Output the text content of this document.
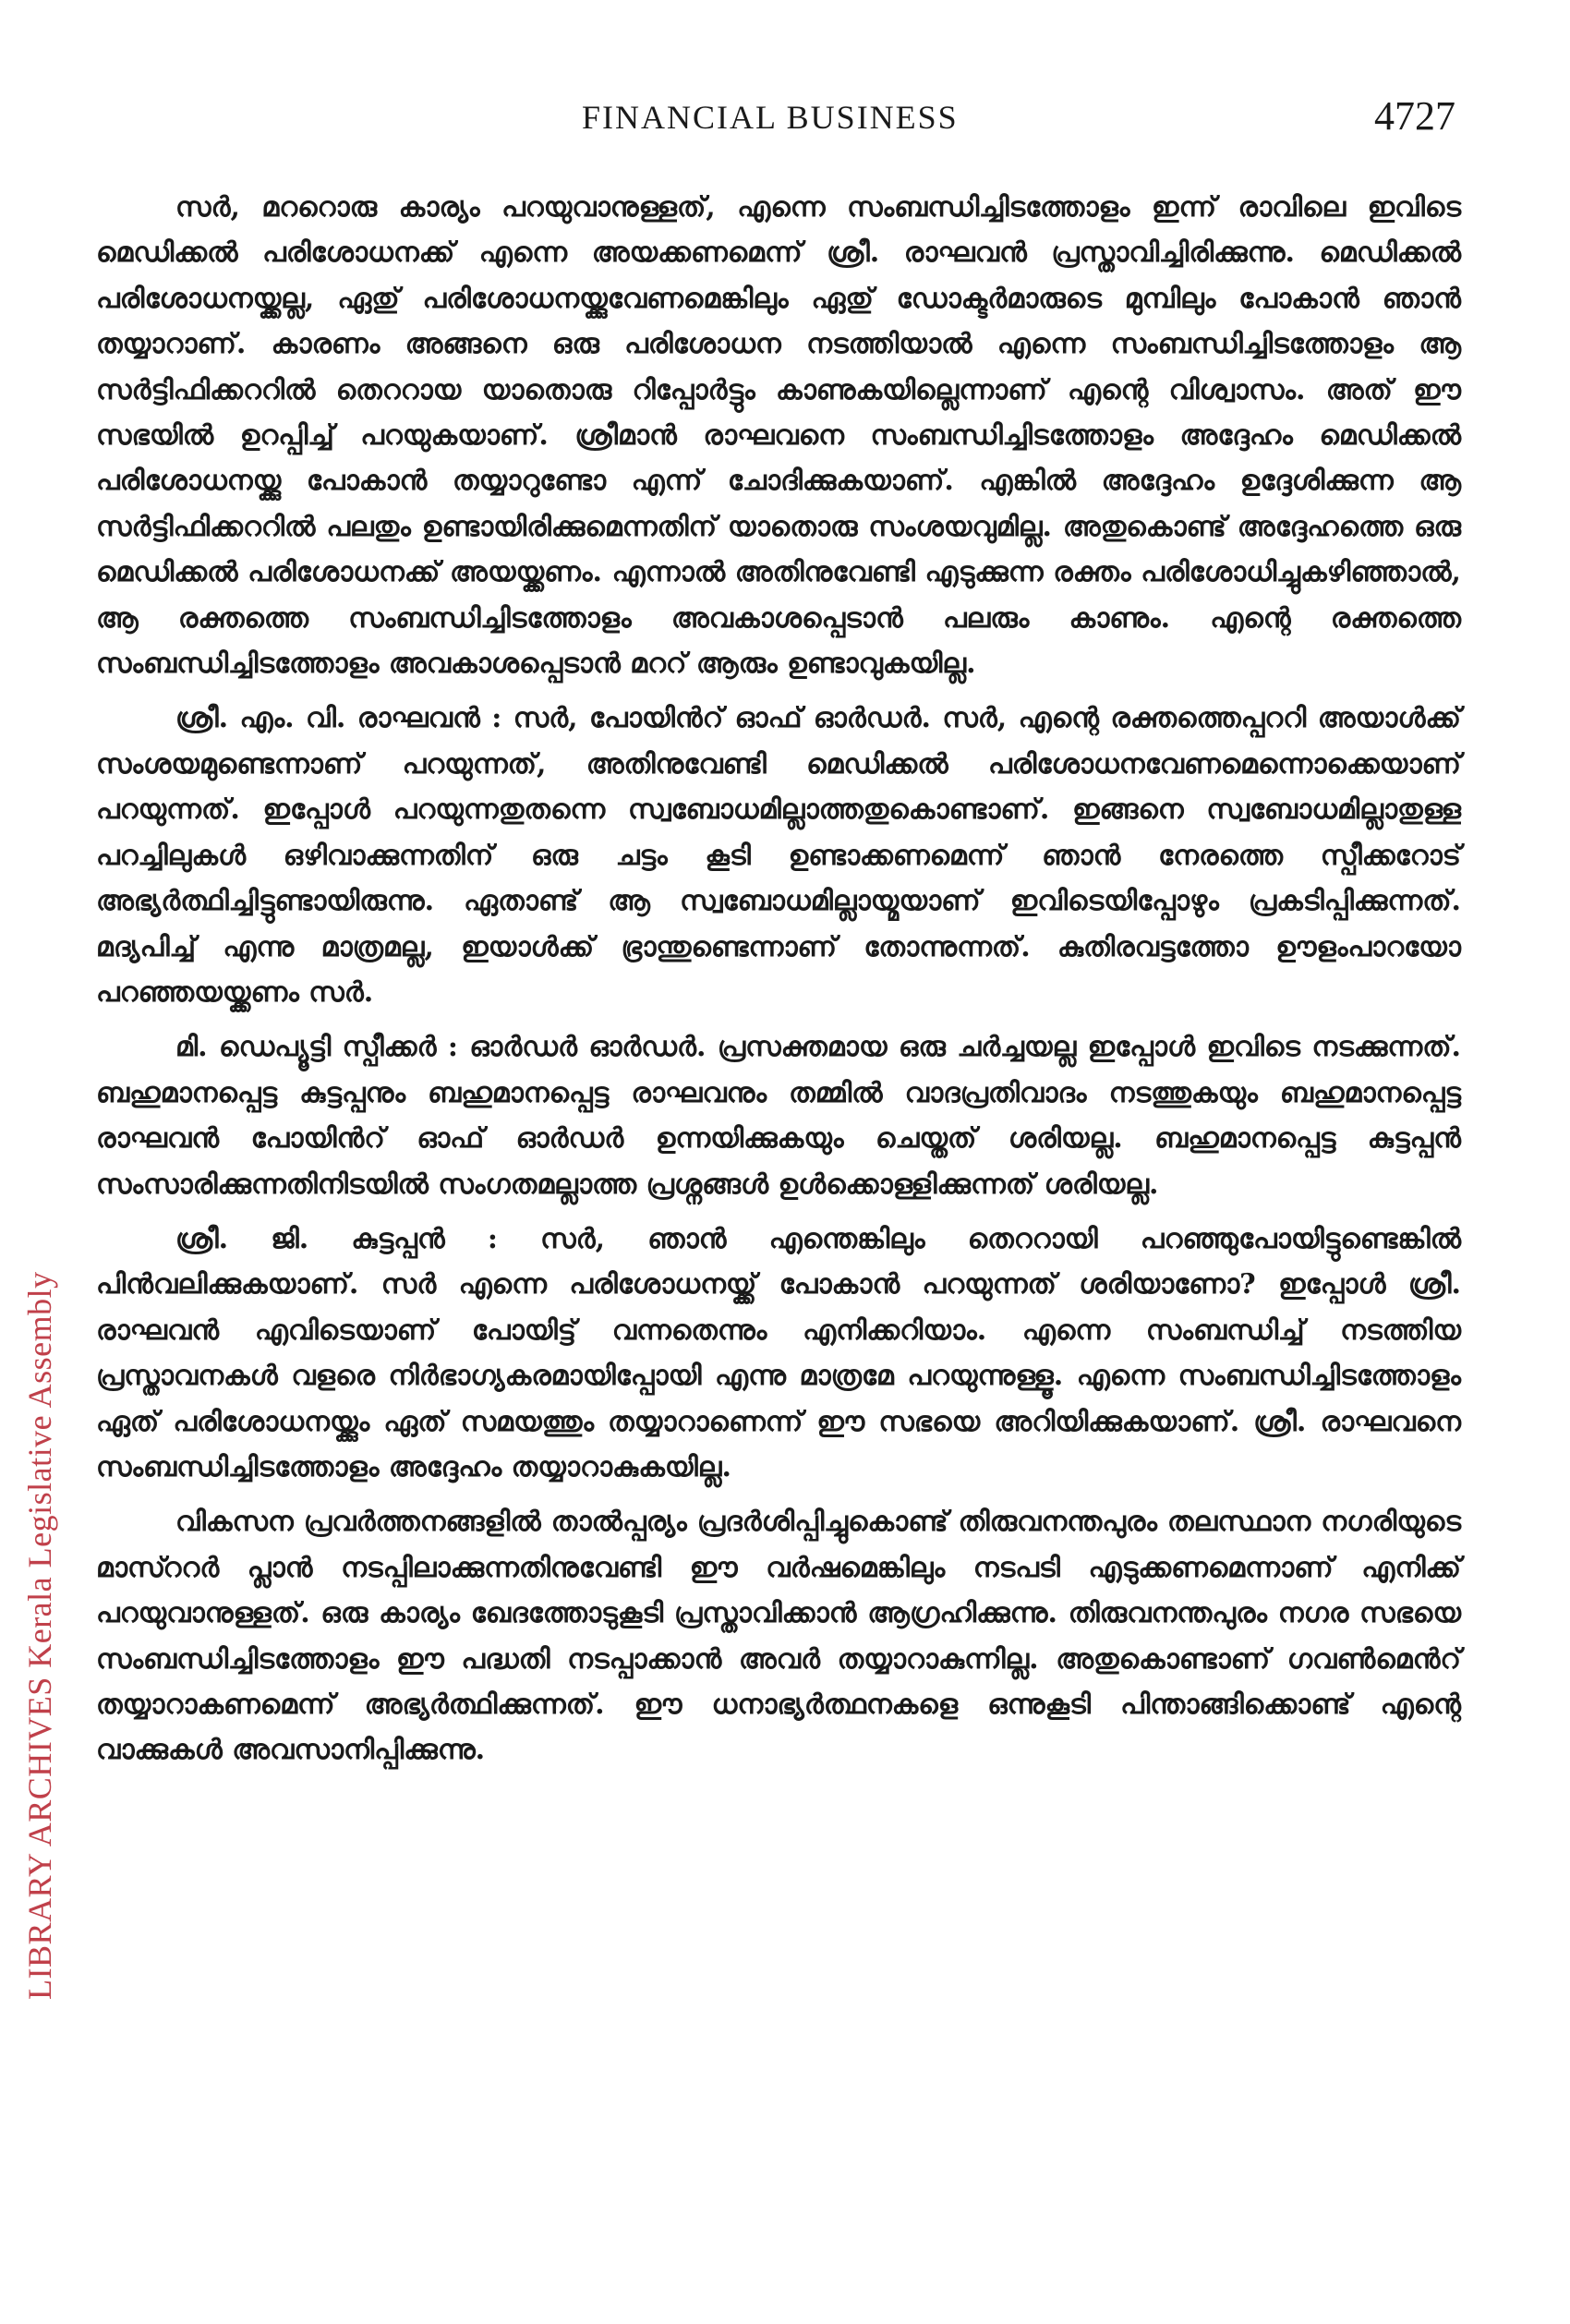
FINANCIAL BUSINESS	4727
LIBRARY ARCHIVES Kerala Legislative Assembly

സർ, മററൊരു കാര്യം പറയുവാനുള്ളത്, എന്നെ സംബന്ധിച്ചിടത്തോളം ഇന്ന് രാവിലെ ഇവിടെ മെഡിക്കൽ പരിശോധനക്ക് എന്നെ അയക്കണമെന്ന് ശ്രീ. രാഘവൻ പ്രസ്താവിച്ചിരിക്കുന്നു. മെഡിക്കൽ പരിശോധനയ്ക്കല്ല, ഏതു് പരിശോധനയ്ക്കുവേണമെങ്കിലും ഏതു് ഡോക്ടർമാരുടെ മുമ്പിലും പോകാൻ ഞാൻ തയ്യാറാണ്. കാരണം അങ്ങനെ ഒരു പരിശോധന നടത്തിയാൽ എന്നെ സംബന്ധിച്ചിടത്തോളം ആ സർട്ടിഫിക്കററിൽ തെററായ യാതൊരു റിപ്പോർട്ടും കാണുകയില്ലെന്നാണ് എന്റെ വിശ്വാസം. അത് ഈ സഭയിൽ ഉറപ്പിച്ച് പറയുകയാണ്. ശ്രീമാൻ രാഘവനെ സംബന്ധിച്ചിടത്തോളം അദ്ദേഹം മെഡിക്കൽ പരിശോധനയ്ക്കു പോകാൻ തയ്യാറുണ്ടോ എന്ന് ചോദിക്കുകയാണ്. എങ്കിൽ അദ്ദേഹം ഉദ്ദേശിക്കുന്ന ആ സർട്ടിഫിക്കററിൽ പലതും ഉണ്ടായിരിക്കുമെന്നതിന് യാതൊരു സംശയവുമില്ല. അതുകൊണ്ട് അദ്ദേഹത്തെ ഒരു മെഡിക്കൽ പരിശോധനക്ക് അയയ്ക്കണം. എന്നാൽ അതിനുവേണ്ടി എടുക്കുന്ന രക്തം പരിശോധിച്ചുകഴിഞ്ഞാൽ, ആ രക്തത്തെ സംബന്ധിച്ചിടത്തോളം അവകാശപ്പെടാൻ പലരും കാണും. എന്റെ രക്തത്തെ സംബന്ധിച്ചിടത്തോളം അവകാശപ്പെടാൻ മററ് ആരും ഉണ്ടാവുകയില്ല.

ശ്രീ. എം. വി. രാഘവൻ : സർ, പോയിൻറ് ഓഫ് ഓർഡർ. സർ, എന്റെ രക്തത്തെപ്പററി അയാൾക്ക് സംശയമുണ്ടെന്നാണ് പറയുന്നത്, അതിനുവേണ്ടി മെഡിക്കൽ പരിശോധനവേണമെന്നൊക്കെയാണ് പറയുന്നത്. ഇപ്പോൾ പറയുന്നതുതന്നെ സ്വബോധമില്ലാത്തതുകൊണ്ടാണ്. ഇങ്ങനെ സ്വബോധമില്ലാതുള്ള പറച്ചിലുകൾ ഒഴിവാക്കുന്നതിന് ഒരു ചട്ടം കൂടി ഉണ്ടാക്കണമെന്ന് ഞാൻ നേരത്തെ സ്പീക്കറോട് അഭ്യർത്ഥിച്ചിട്ടുണ്ടായിരുന്നു. ഏതാണ്ട് ആ സ്വബോധമില്ലായ്മയാണ് ഇവിടെയിപ്പോഴും പ്രകടിപ്പിക്കുന്നത്. മദ്യപിച്ച് എന്നു മാത്രമല്ല, ഇയാൾക്ക് ഭ്രാന്തുണ്ടെന്നാണ് തോന്നുന്നത്. കുതിരവട്ടത്തോ ഊളംപാറയോ പറഞ്ഞയയ്ക്കണം സർ.

മി. ഡെപ്യൂട്ടി സ്പീക്കർ : ഓർഡർ ഓർഡർ. പ്രസക്തമായ ഒരു ചർച്ചയല്ല ഇപ്പോൾ ഇവിടെ നടക്കുന്നത്. ബഹുമാനപ്പെട്ട കുട്ടപ്പനും ബഹുമാനപ്പെട്ട രാഘവനും തമ്മിൽ വാദപ്രതിവാദം നടത്തുകയും ബഹുമാനപ്പെട്ട രാഘവൻ പോയിൻറ് ഓഫ് ഓർഡർ ഉന്നയിക്കുകയും ചെയ്തത് ശരിയല്ല. ബഹുമാനപ്പെട്ട കുട്ടപ്പൻ സംസാരിക്കുന്നതിനിടയിൽ സംഗതമല്ലാത്ത പ്രശ്നങ്ങൾ ഉൾക്കൊള്ളിക്കുന്നത് ശരിയല്ല.

ശ്രീ. ജി. കുട്ടപ്പൻ : സർ, ഞാൻ എന്തെങ്കിലും തെററായി പറഞ്ഞുപോയിട്ടുണ്ടെങ്കിൽ പിൻവലിക്കുകയാണ്. സർ എന്നെ പരിശോധനയ്ക്ക് പോകാൻ പറയുന്നത് ശരിയാണോ? ഇപ്പോൾ ശ്രീ. രാഘവൻ എവിടെയാണ് പോയിട്ട് വന്നതെന്നും എനിക്കറിയാം. എന്നെ സംബന്ധിച്ച് നടത്തിയ പ്രസ്താവനകൾ വളരെ നിർഭാഗ്യകരമായിപ്പോയി എന്നു മാത്രമേ പറയുന്നുള്ളൂ. എന്നെ സംബന്ധിച്ചിടത്തോളം ഏത് പരിശോധനയ്ക്കും ഏത് സമയത്തും തയ്യാറാണെന്ന് ഈ സഭയെ അറിയിക്കുകയാണ്. ശ്രീ. രാഘവനെ സംബന്ധിച്ചിടത്തോളം അദ്ദേഹം തയ്യാറാകുകയില്ല.

വികസന പ്രവർത്തനങ്ങളിൽ താൽപ്പര്യം പ്രദർശിപ്പിച്ചുകൊണ്ട് തിരുവനന്തപുരം തലസ്ഥാന നഗരിയുടെ മാസ്ററർ പ്ലാൻ നടപ്പിലാക്കുന്നതിനുവേണ്ടി ഈ വർഷമെങ്കിലും നടപടി എടുക്കണമെന്നാണ് എനിക്ക് പറയുവാനുള്ളത്. ഒരു കാര്യം ഖേദത്തോടുകൂടി പ്രസ്താവിക്കാൻ ആഗ്രഹിക്കുന്നു. തിരുവനന്തപുരം നഗര സഭയെ സംബന്ധിച്ചിടത്തോളം ഈ പദ്ധതി നടപ്പാക്കാൻ അവർ തയ്യാറാകുന്നില്ല. അതുകൊണ്ടാണ് ഗവൺമെൻറ് തയ്യാറാകണമെന്ന് അഭ്യർത്ഥിക്കുന്നത്. ഈ ധനാഭ്യർത്ഥനകളെ ഒന്നുകൂടി പിന്താങ്ങിക്കൊണ്ട് എന്റെ വാക്കുകൾ അവസാനിപ്പിക്കുന്നു.
